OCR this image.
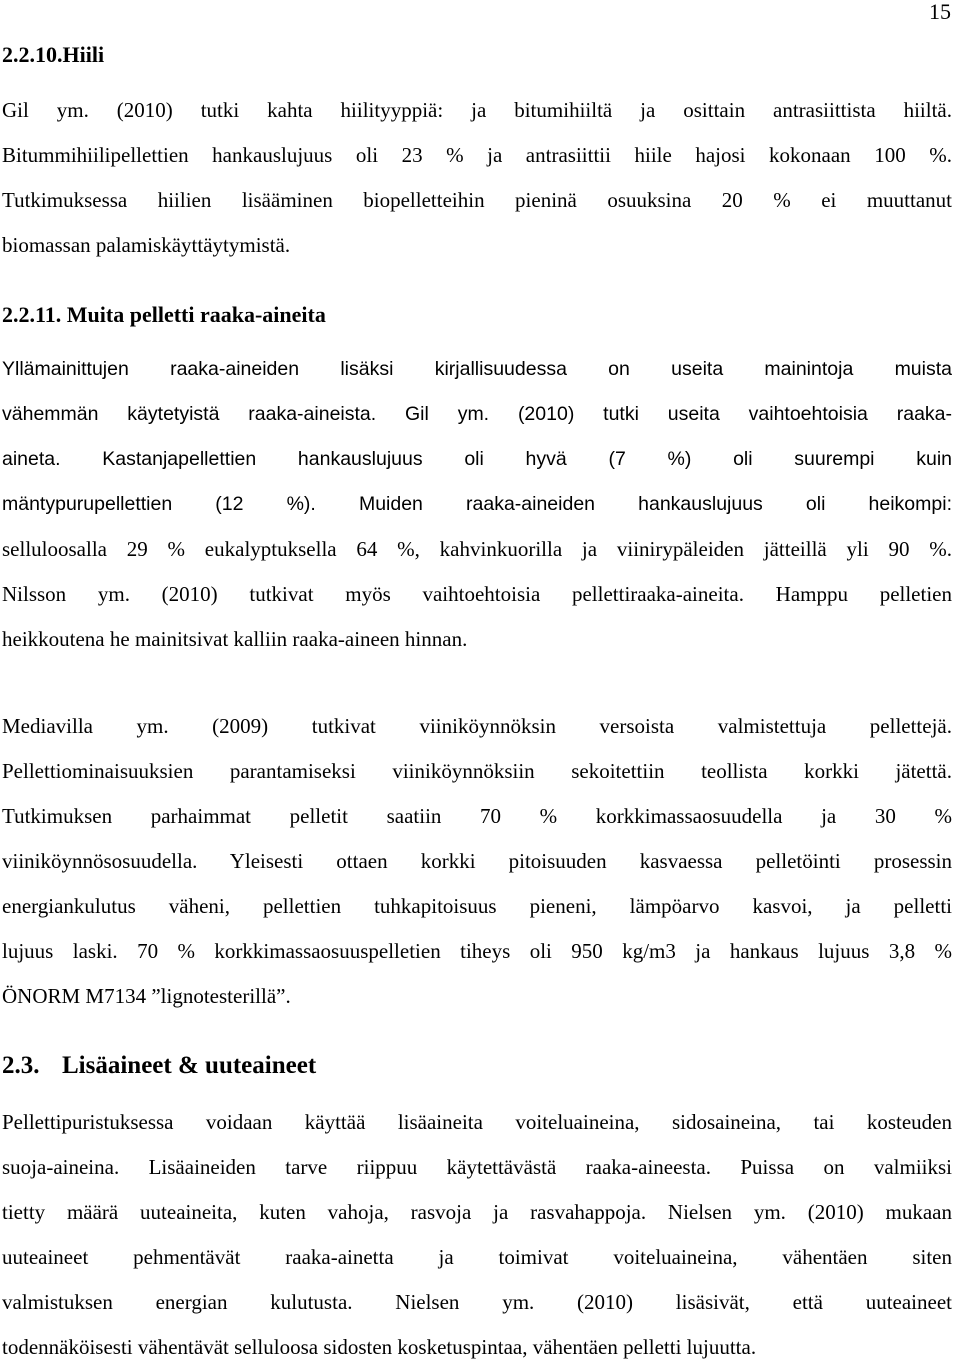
15
2.2.10.Hiili
Gil ym. (2010) tutki kahta hiilityyppiä: ja bitumihiiltä ja osittain antrasiittista hiiltä.
Bitummihiilipellettien hankauslujuus oli 23 % ja antrasiittii hiile hajosi kokonaan 100 %.
Tutkimuksessa hiilien lisääminen biopelletteihin pieninä osuuksina 20 % ei muuttanut
biomassan palamiskäyttäytymistä.
2.2.11. Muita pelletti raaka-aineita
Yllämainittujen raaka-aineiden lisäksi kirjallisuudessa on useita mainintoja muista
vähemmän käytetyistä raaka-aineista. Gil ym. (2010) tutki useita vaihtoehtoisia raaka-
aineta. Kastanjapellettien hankauslujuus oli hyvä (7 %) oli suurempi kuin
mäntypurupellettien (12 %). Muiden raaka-aineiden hankauslujuus oli heikompi:
selluloosalla 29 % eukalyptuksella 64 %, kahvinkuorilla ja viinirypäleiden jätteillä yli 90 %.
Nilsson ym. (2010) tutkivat myös vaihtoehtoisia pellettiraaka-aineita. Hamppu pelletien
heikkoutena he mainitsivat kalliin raaka-aineen hinnan.
Mediavilla ym. (2009) tutkivat viiniköynnöksin versoista valmistettuja pellettejä.
Pellettiominaisuuksien parantamiseksi viiniköynnöksiin sekoitettiin teollista korkki jätettä.
Tutkimuksen parhaimmat pelletit saatiin 70 % korkkimassaosuudella ja 30 %
viiniköynnösosuudella. Yleisesti ottaen korkki pitoisuuden kasvaessa pelletöinti prosessin
energiankulutus väheni, pellettien tuhkapitoisuus pieneni, lämpöarvo kasvoi, ja pelletti
lujuus laski. 70 % korkkimassaosuuspelletien tiheys oli 950 kg/m3 ja hankaus lujuus 3,8 %
ÖNORM M7134 ”lignotesterillä”.
2.3. Lisäaineet & uuteaineet
Pellettipuristuksessa voidaan käyttää lisäaineita voiteluaineina, sidosaineina, tai kosteuden
suoja-aineina. Lisäaineiden tarve riippuu käytettävästä raaka-aineesta. Puissa on valmiiksi
tietty määrä uuteaineita, kuten vahoja, rasvoja ja rasvahappoja. Nielsen ym. (2010) mukaan
uuteaineet pehmentävät raaka-ainetta ja toimivat voiteluaineina, vähentäen siten
valmistuksen energian kulutusta. Nielsen ym. (2010) lisäsivät, että uuteaineet
todennäköisesti vähentävät selluloosa sidosten kosketuspintaa, vähentäen pelletti lujuutta.
